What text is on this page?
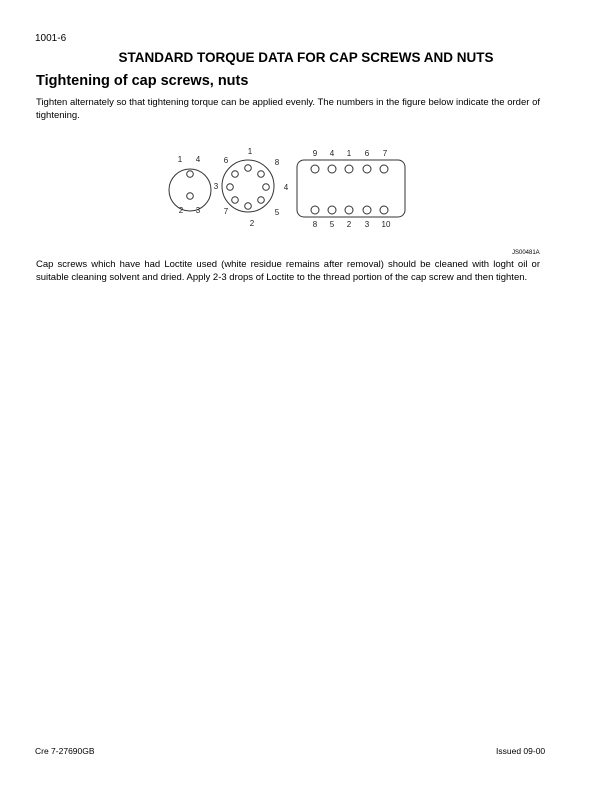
1001-6
STANDARD TORQUE DATA FOR CAP SCREWS AND NUTS
Tightening of cap screws, nuts
Tighten alternately so that tightening torque can be applied evenly. The numbers in the figure below indicate the order of tightening.
1 4
2 3
1
8
4
5
2
7
3
6
9 4 1 6 7
8 5 2 3 10
JS00481A
Cap screws which have had Loctite used (white residue remains after removal) should be cleaned with loght oil or suitable cleaning solvent and dried. Apply 2-3 drops of Loctite to the thread portion of the cap screw and then tighten.
Cre 7-27690GB	Issued 09-00
